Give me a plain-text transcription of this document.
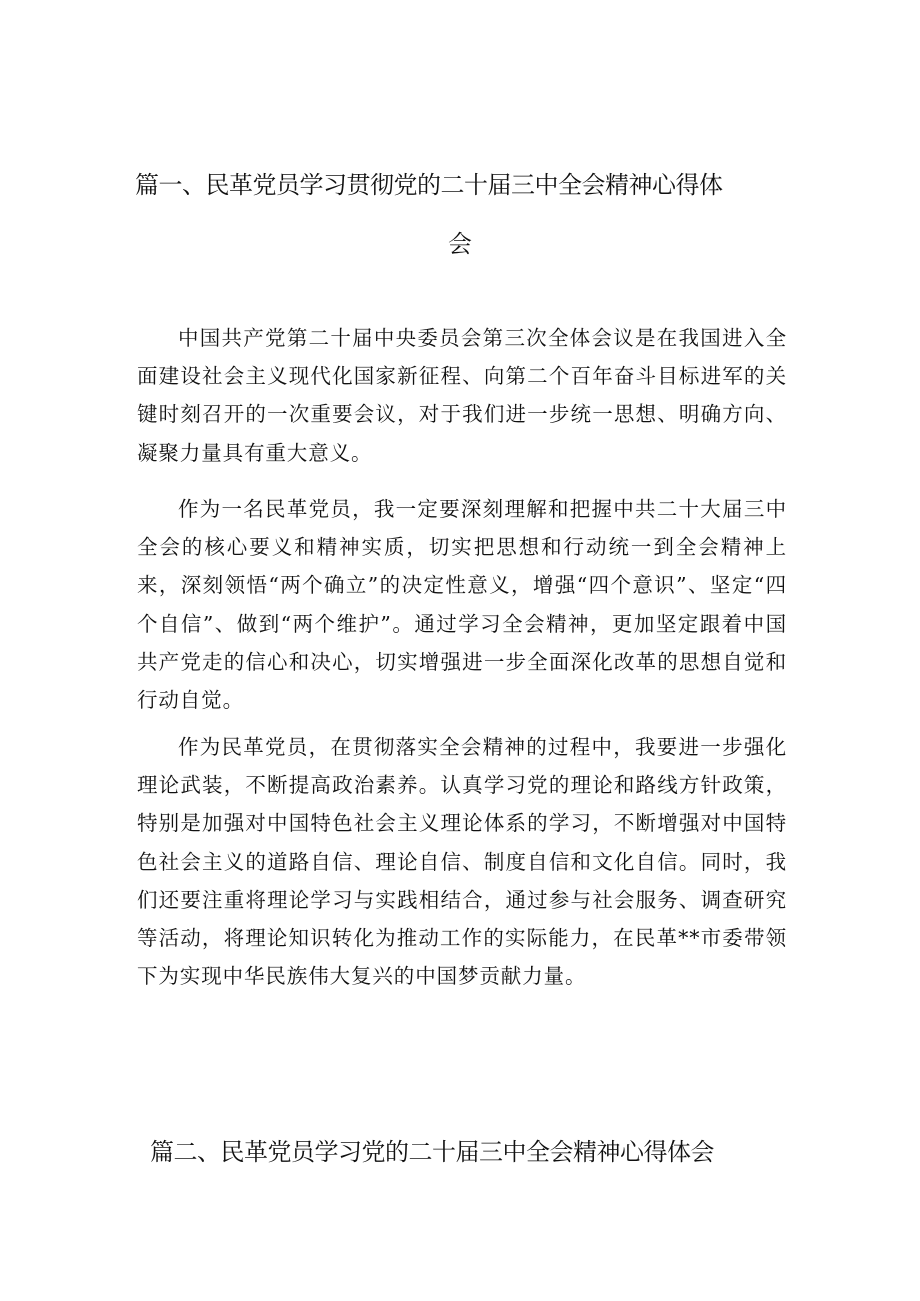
篇一、民革党员学习贯彻党的二十届三中全会精神心得体
会

中国共产党第二十届中央委员会第三次全体会议是在我国进入全面建设社会主义现代化国家新征程、向第二个百年奋斗目标进军的关键时刻召开的一次重要会议，对于我们进一步统一思想、明确方向、凝聚力量具有重大意义。

作为一名民革党员，我一定要深刻理解和把握中共二十大届三中全会的核心要义和精神实质，切实把思想和行动统一到全会精神上来，深刻领悟“两个确立”的决定性意义，增强“四个意识”、坚定“四个自信”、做到“两个维护”。通过学习全会精神，更加坚定跟着中国共产党走的信心和决心，切实增强进一步全面深化改革的思想自觉和行动自觉。

作为民革党员，在贯彻落实全会精神的过程中，我要进一步强化理论武装，不断提高政治素养。认真学习党的理论和路线方针政策，特别是加强对中国特色社会主义理论体系的学习，不断增强对中国特色社会主义的道路自信、理论自信、制度自信和文化自信。同时，我们还要注重将理论学习与实践相结合，通过参与社会服务、调查研究等活动，将理论知识转化为推动工作的实际能力，在民革**市委带领下为实现中华民族伟大复兴的中国梦贡献力量。

篇二、民革党员学习党的二十届三中全会精神心得体会
